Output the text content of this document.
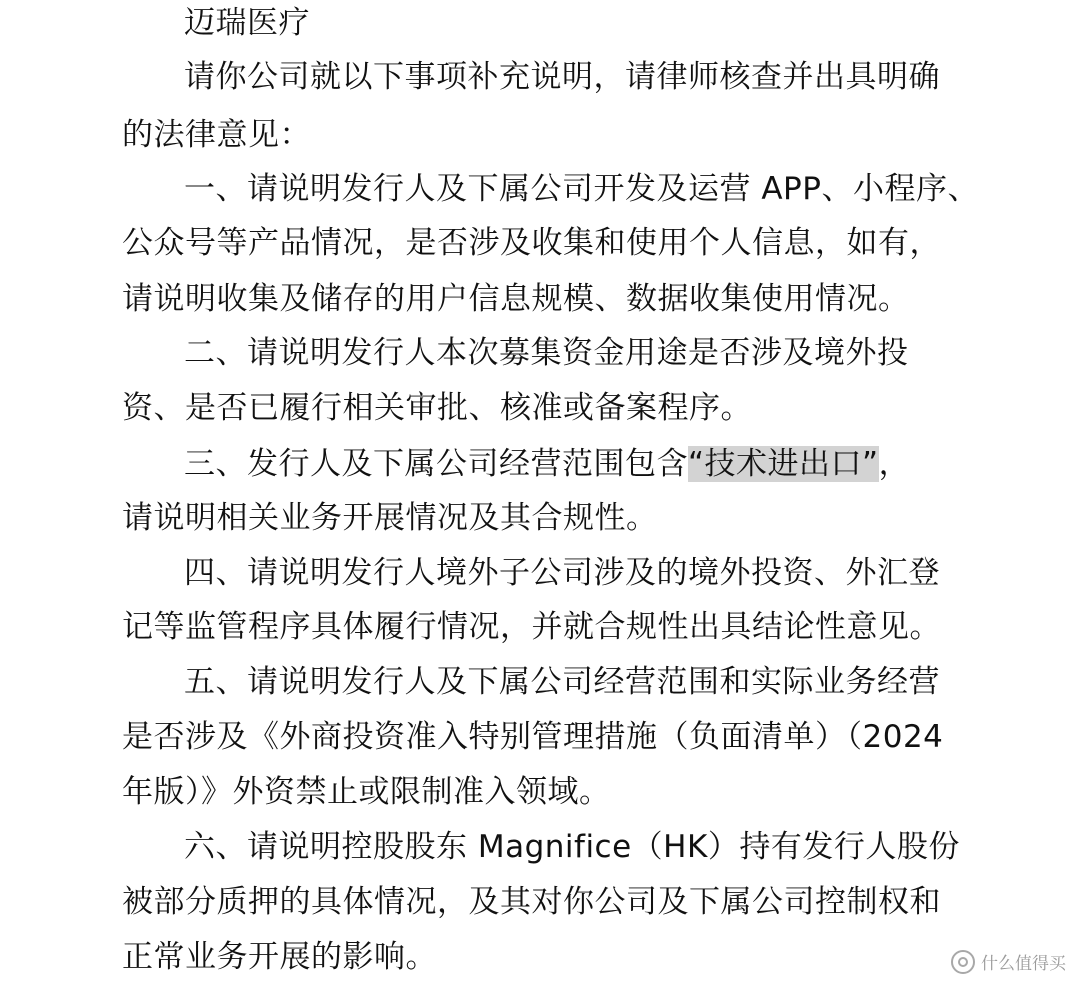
迈瑞医疗
请你公司就以下事项补充说明，请律师核查并出具明确
的法律意见：
一、请说明发行人及下属公司开发及运营 APP、小程序、
公众号等产品情况，是否涉及收集和使用个人信息，如有，
请说明收集及储存的用户信息规模、数据收集使用情况。
二、请说明发行人本次募集资金用途是否涉及境外投
资、是否已履行相关审批、核准或备案程序。
三、发行人及下属公司经营范围包含“技术进出口”，
请说明相关业务开展情况及其合规性。
四、请说明发行人境外子公司涉及的境外投资、外汇登
记等监管程序具体履行情况，并就合规性出具结论性意见。
五、请说明发行人及下属公司经营范围和实际业务经营
是否涉及《外商投资准入特别管理措施（负面清单）（2024
年版）》外资禁止或限制准入领域。
六、请说明控股股东 Magnifice（HK）持有发行人股份
被部分质押的具体情况，及其对你公司及下属公司控制权和
正常业务开展的影响。	什么值得买
